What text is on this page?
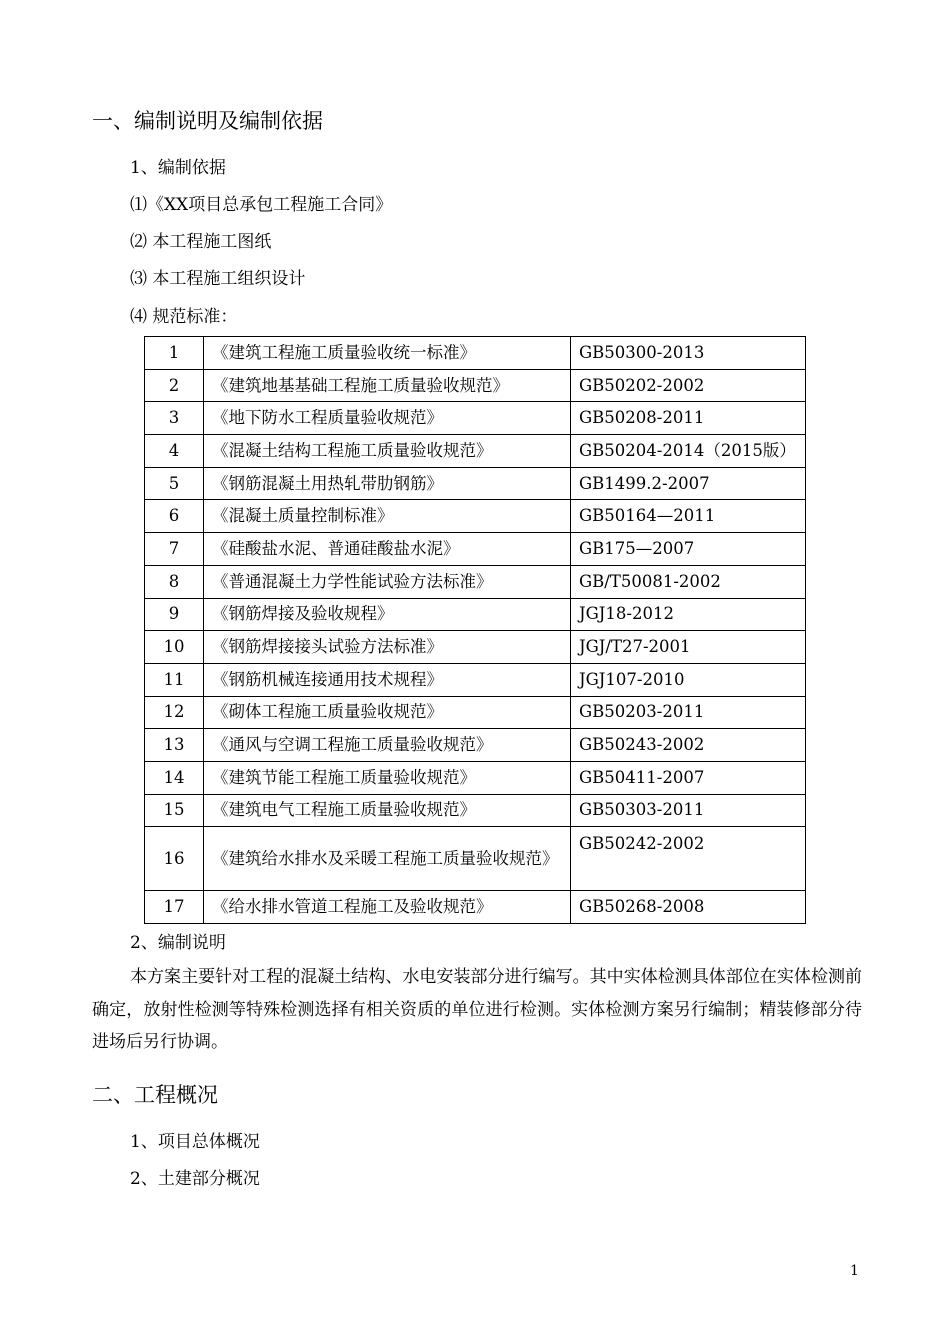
一、编制说明及编制依据
1、编制依据
⑴《XX项目总承包工程施工合同》
⑵ 本工程施工图纸
⑶ 本工程施工组织设计
⑷ 规范标准：
1	《建筑工程施工质量验收统一标准》	GB50300-2013
2	《建筑地基基础工程施工质量验收规范》	GB50202-2002
3	《地下防水工程质量验收规范》	GB50208-2011
4	《混凝土结构工程施工质量验收规范》	GB50204-2014（2015版）
5	《钢筋混凝土用热轧带肋钢筋》	GB1499.2-2007
6	《混凝土质量控制标准》	GB50164—2011
7	《硅酸盐水泥、普通硅酸盐水泥》	GB175—2007
8	《普通混凝土力学性能试验方法标准》	GB/T50081-2002
9	《钢筋焊接及验收规程》	JGJ18-2012
10	《钢筋焊接接头试验方法标准》	JGJ/T27-2001
11	《钢筋机械连接通用技术规程》	JGJ107-2010
12	《砌体工程施工质量验收规范》	GB50203-2011
13	《通风与空调工程施工质量验收规范》	GB50243-2002
14	《建筑节能工程施工质量验收规范》	GB50411-2007
15	《建筑电气工程施工质量验收规范》	GB50303-2011
16	《建筑给水排水及采暖工程施工质量验收规范》	GB50242-2002
17	《给水排水管道工程施工及验收规范》	GB50268-2008
2、编制说明
本方案主要针对工程的混凝土结构、水电安装部分进行编写。其中实体检测具体部位在实体检测前确定，放射性检测等特殊检测选择有相关资质的单位进行检测。实体检测方案另行编制；精装修部分待进场后另行协调。
二、工程概况
1、项目总体概况
2、土建部分概况
1
